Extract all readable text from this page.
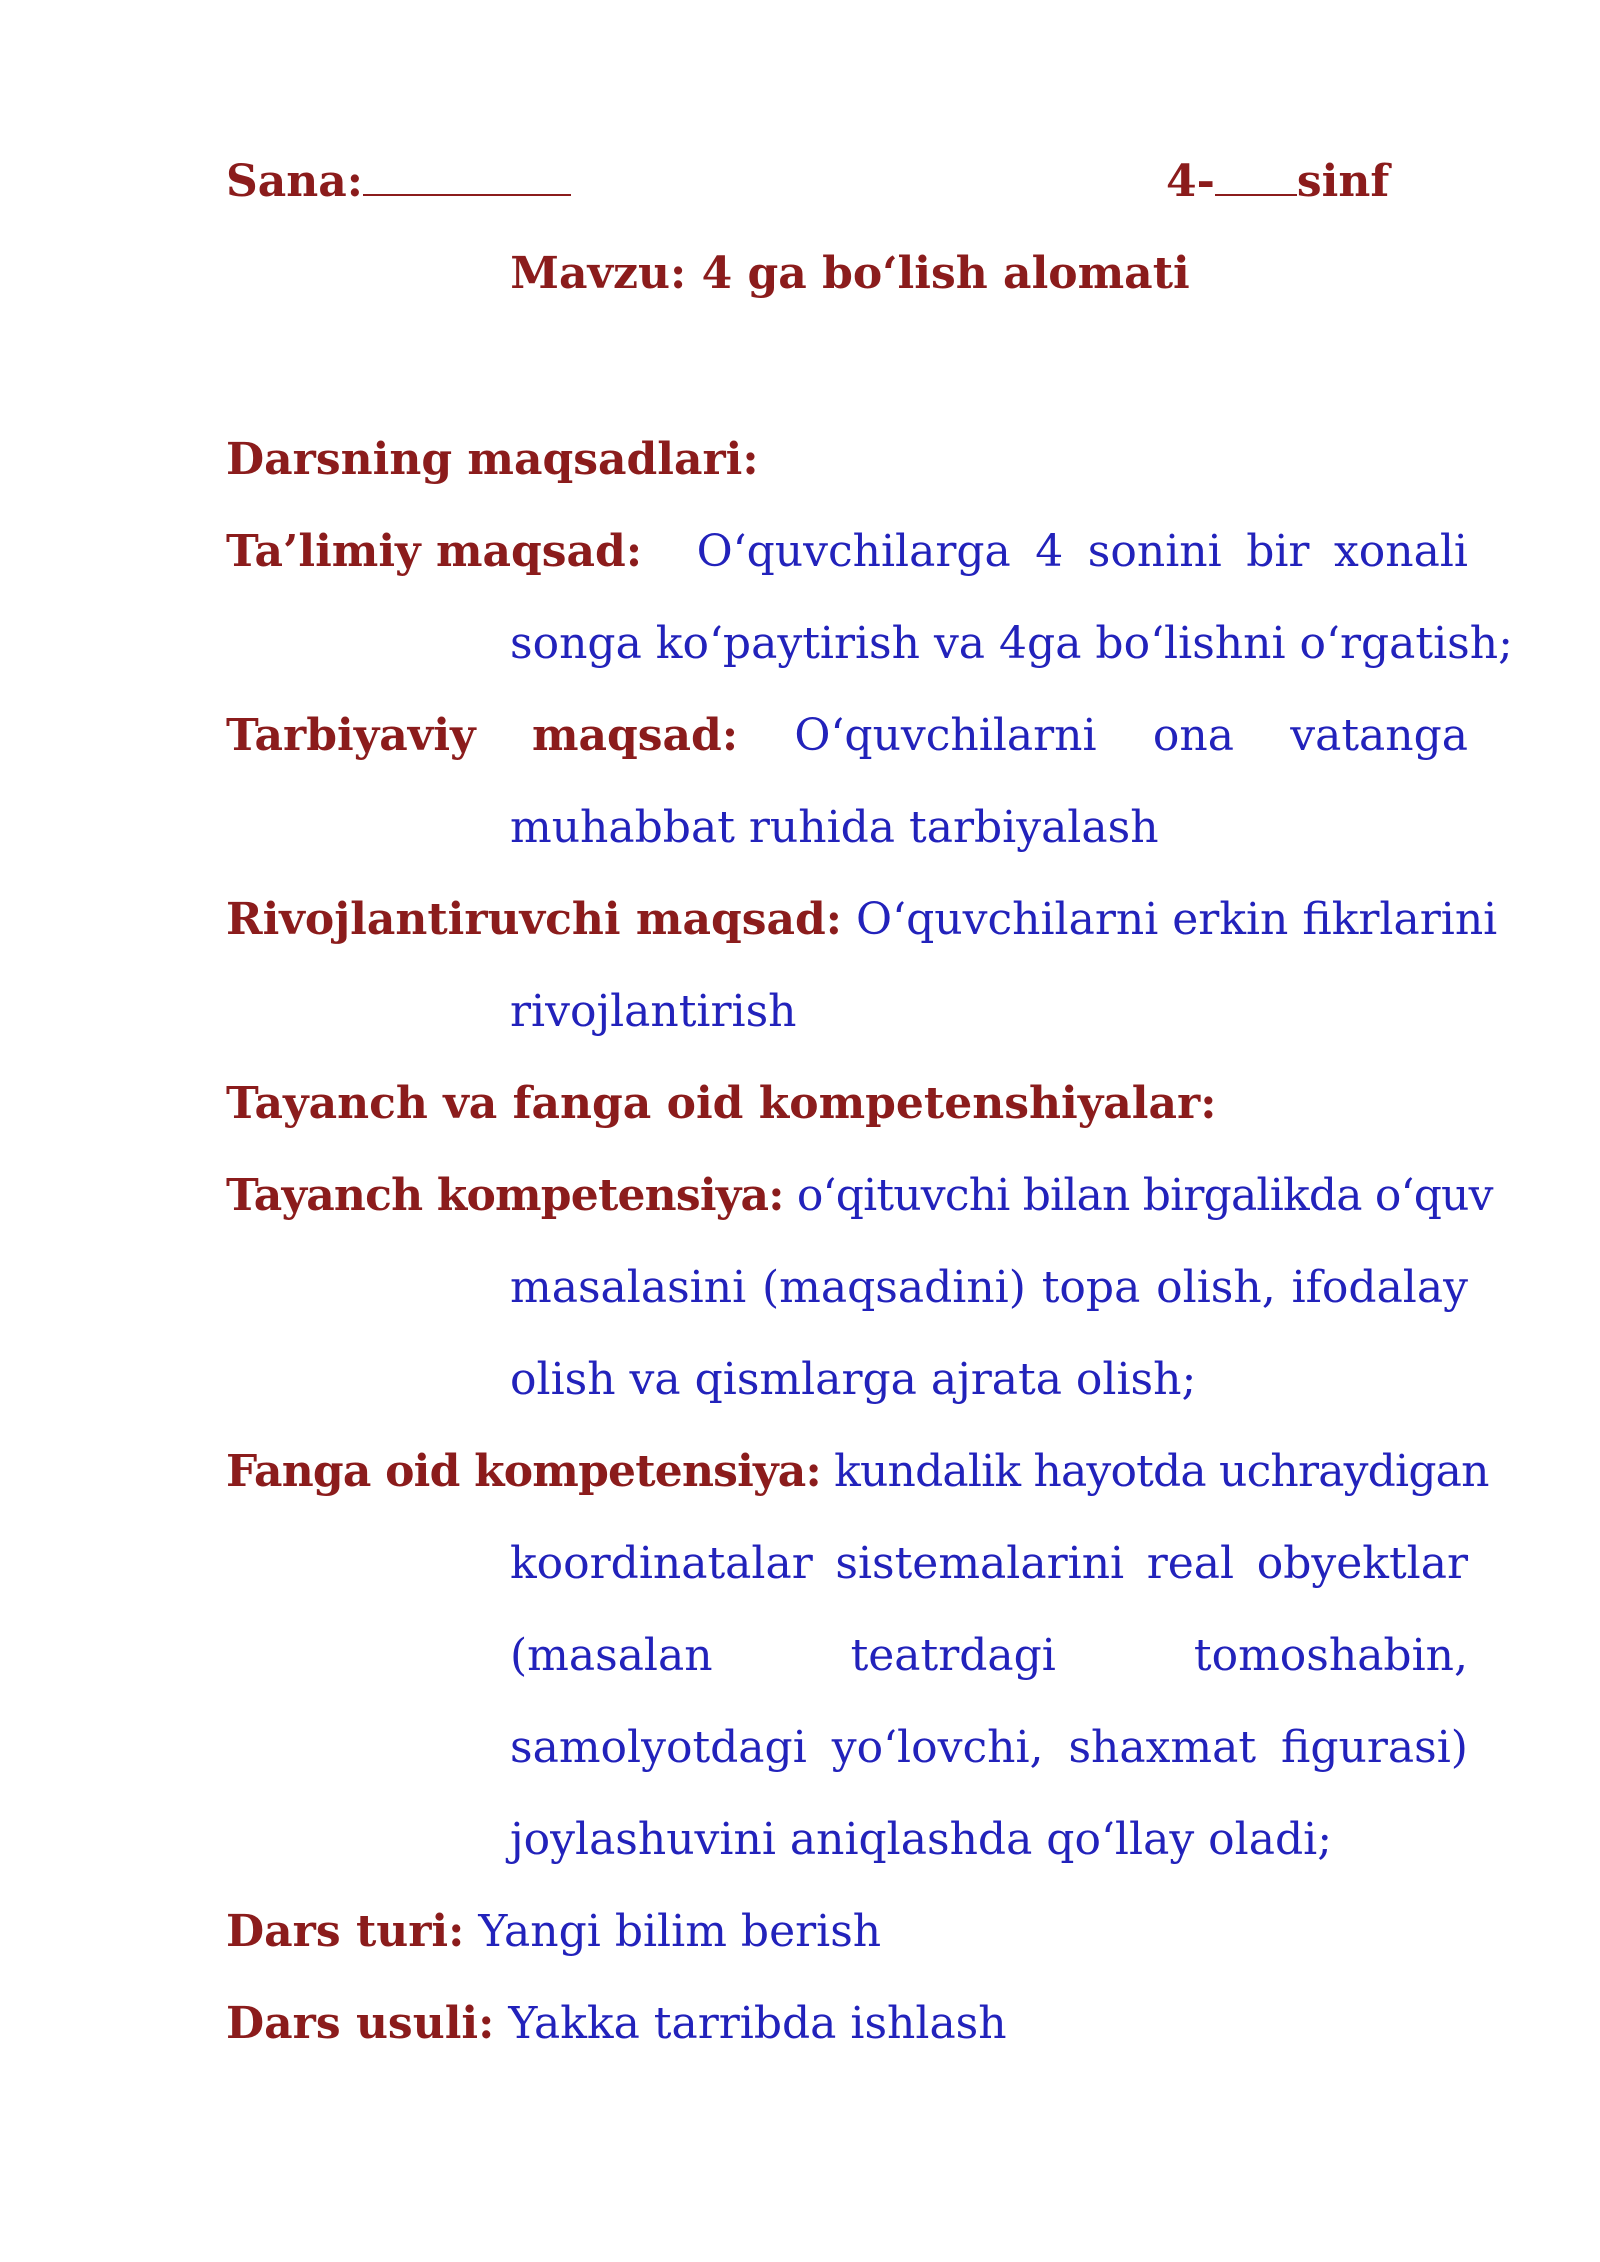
Sana:	4- sinf
Mavzu: 4 ga bo‘lish alomati
Darsning maqsadlari:
Ta’limiy maqsad: O‘quvchilarga 4 sonini bir xonali
songa ko‘paytirish va 4ga bo‘lishni o‘rgatish;
Tarbiyaviy maqsad: O‘quvchilarni ona vatanga
muhabbat ruhida tarbiyalash
Rivojlantiruvchi maqsad: O‘quvchilarni erkin fikrlarini
rivojlantirish
Tayanch va fanga oid kompetenshiyalar:
Tayanch kompetensiya: o‘qituvchi bilan birgalikda o‘quv
masalasini (maqsadini) topa olish, ifodalay
olish va qismlarga ajrata olish;
Fanga oid kompetensiya: kundalik hayotda uchraydigan
koordinatalar sistemalarini real obyektlar
(masalan	teatrdagi	tomoshabin,
samolyotdagi yo‘lovchi, shaxmat figurasi)
joylashuvini aniqlashda qo‘llay oladi;
Dars turi: Yangi bilim berish
Dars usuli: Yakka tarribda ishlash
